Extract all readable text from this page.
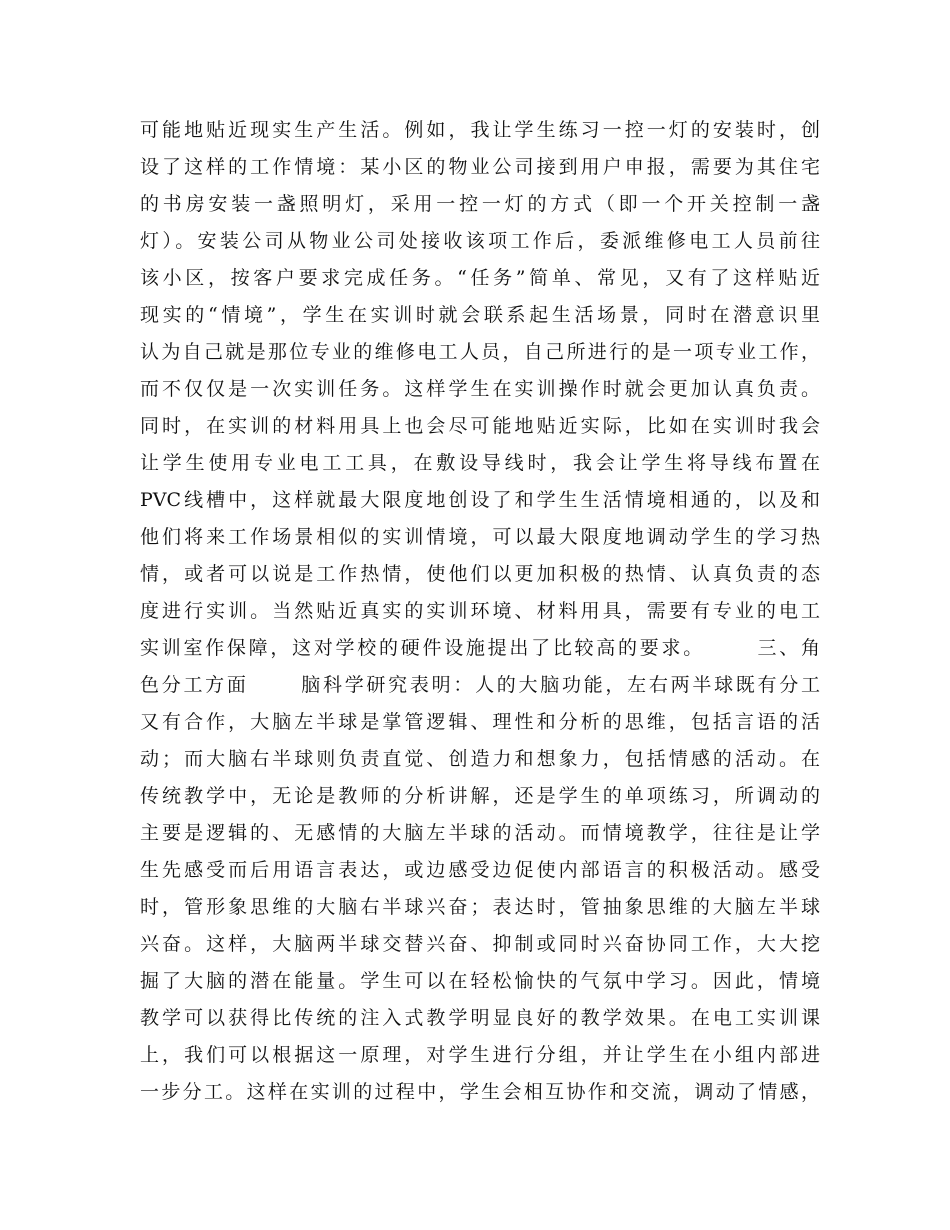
可能地贴近现实生产生活。例如，我让学生练习一控一灯的安装时，创
设了这样的工作情境：某小区的物业公司接到用户申报，需要为其住宅
的书房安装一盏照明灯，采用一控一灯的方式（即一个开关控制一盏
灯）。安装公司从物业公司处接收该项工作后，委派维修电工人员前往
该小区，按客户要求完成任务。“任务”简单、常见，又有了这样贴近
现实的“情境”，学生在实训时就会联系起生活场景，同时在潜意识里
认为自己就是那位专业的维修电工人员，自己所进行的是一项专业工作，
而不仅仅是一次实训任务。这样学生在实训操作时就会更加认真负责。
同时，在实训的材料用具上也会尽可能地贴近实际，比如在实训时我会
让学生使用专业电工工具，在敷设导线时，我会让学生将导线布置在
PVC线槽中，这样就最大限度地创设了和学生生活情境相通的，以及和
他们将来工作场景相似的实训情境，可以最大限度地调动学生的学习热
情，或者可以说是工作热情，使他们以更加积极的热情、认真负责的态
度进行实训。当然贴近真实的实训环境、材料用具，需要有专业的电工
实训室作保障，这对学校的硬件设施提出了比较高的要求。      三、角
色分工方面      脑科学研究表明：人的大脑功能，左右两半球既有分工
又有合作，大脑左半球是掌管逻辑、理性和分析的思维，包括言语的活
动；而大脑右半球则负责直觉、创造力和想象力，包括情感的活动。在
传统教学中，无论是教师的分析讲解，还是学生的单项练习，所调动的
主要是逻辑的、无感情的大脑左半球的活动。而情境教学，往往是让学
生先感受而后用语言表达，或边感受边促使内部语言的积极活动。感受
时，管形象思维的大脑右半球兴奋；表达时，管抽象思维的大脑左半球
兴奋。这样，大脑两半球交替兴奋、抑制或同时兴奋协同工作，大大挖
掘了大脑的潜在能量。学生可以在轻松愉快的气氛中学习。因此，情境
教学可以获得比传统的注入式教学明显良好的教学效果。在电工实训课
上，我们可以根据这一原理，对学生进行分组，并让学生在小组内部进
一步分工。这样在实训的过程中，学生会相互协作和交流，调动了情感，
